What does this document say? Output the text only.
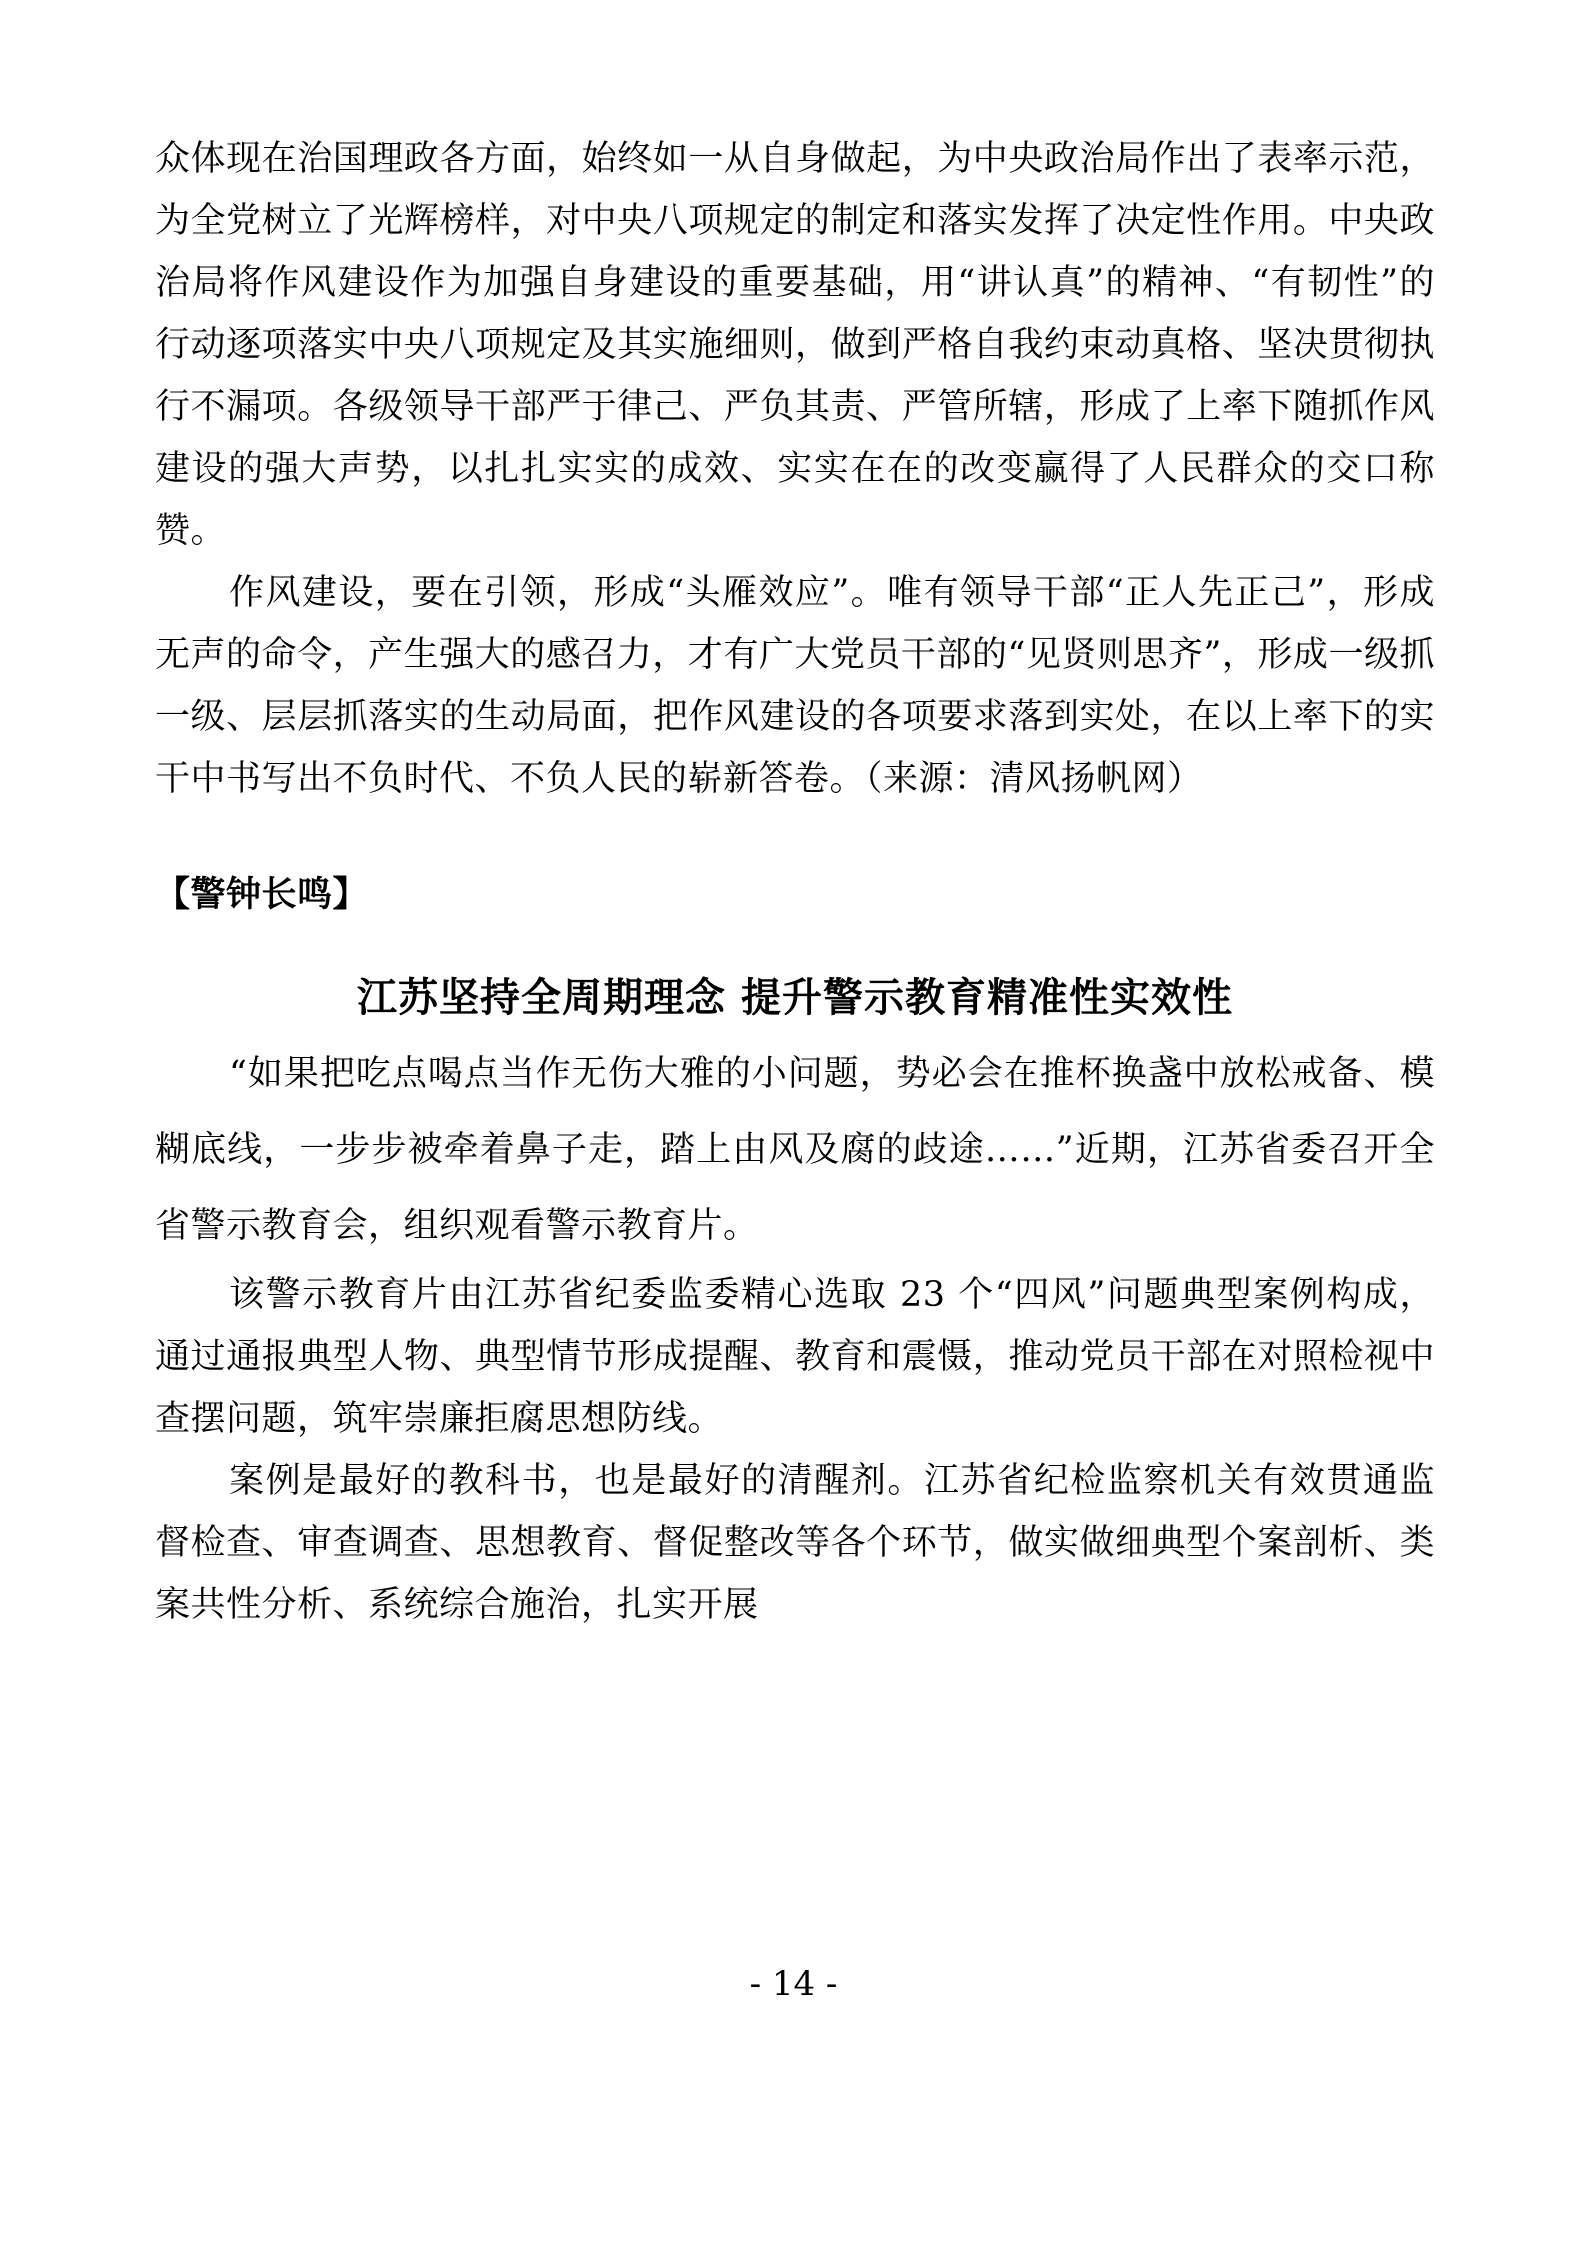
众体现在治国理政各方面，始终如一从自身做起，为中央政治局作出了表率示范，为全党树立了光辉榜样，对中央八项规定的制定和落实发挥了决定性作用。中央政治局将作风建设作为加强自身建设的重要基础，用“讲认真”的精神、“有韧性”的行动逐项落实中央八项规定及其实施细则，做到严格自我约束动真格、坚决贯彻执行不漏项。各级领导干部严于律己、严负其责、严管所辖，形成了上率下随抓作风建设的强大声势，以扎扎实实的成效、实实在在的改变赢得了人民群众的交口称赞。

作风建设，要在引领，形成“头雁效应”。唯有领导干部“正人先正己”，形成无声的命令，产生强大的感召力，才有广大党员干部的“见贤则思齐”，形成一级抓一级、层层抓落实的生动局面，把作风建设的各项要求落到实处，在以上率下的实干中书写出不负时代、不负人民的崭新答卷。（来源：清风扬帆网）

【警钟长鸣】

江苏坚持全周期理念 提升警示教育精准性实效性

“如果把吃点喝点当作无伤大雅的小问题，势必会在推杯换盏中放松戒备、模糊底线，一步步被牵着鼻子走，踏上由风及腐的歧途……”近期，江苏省委召开全省警示教育会，组织观看警示教育片。

该警示教育片由江苏省纪委监委精心选取 23 个“四风”问题典型案例构成，通过通报典型人物、典型情节形成提醒、教育和震慑，推动党员干部在对照检视中查摆问题，筑牢崇廉拒腐思想防线。

案例是最好的教科书，也是最好的清醒剂。江苏省纪检监察机关有效贯通监督检查、审查调查、思想教育、督促整改等各个环节，做实做细典型个案剖析、类案共性分析、系统综合施治，扎实开展

- 14 -
